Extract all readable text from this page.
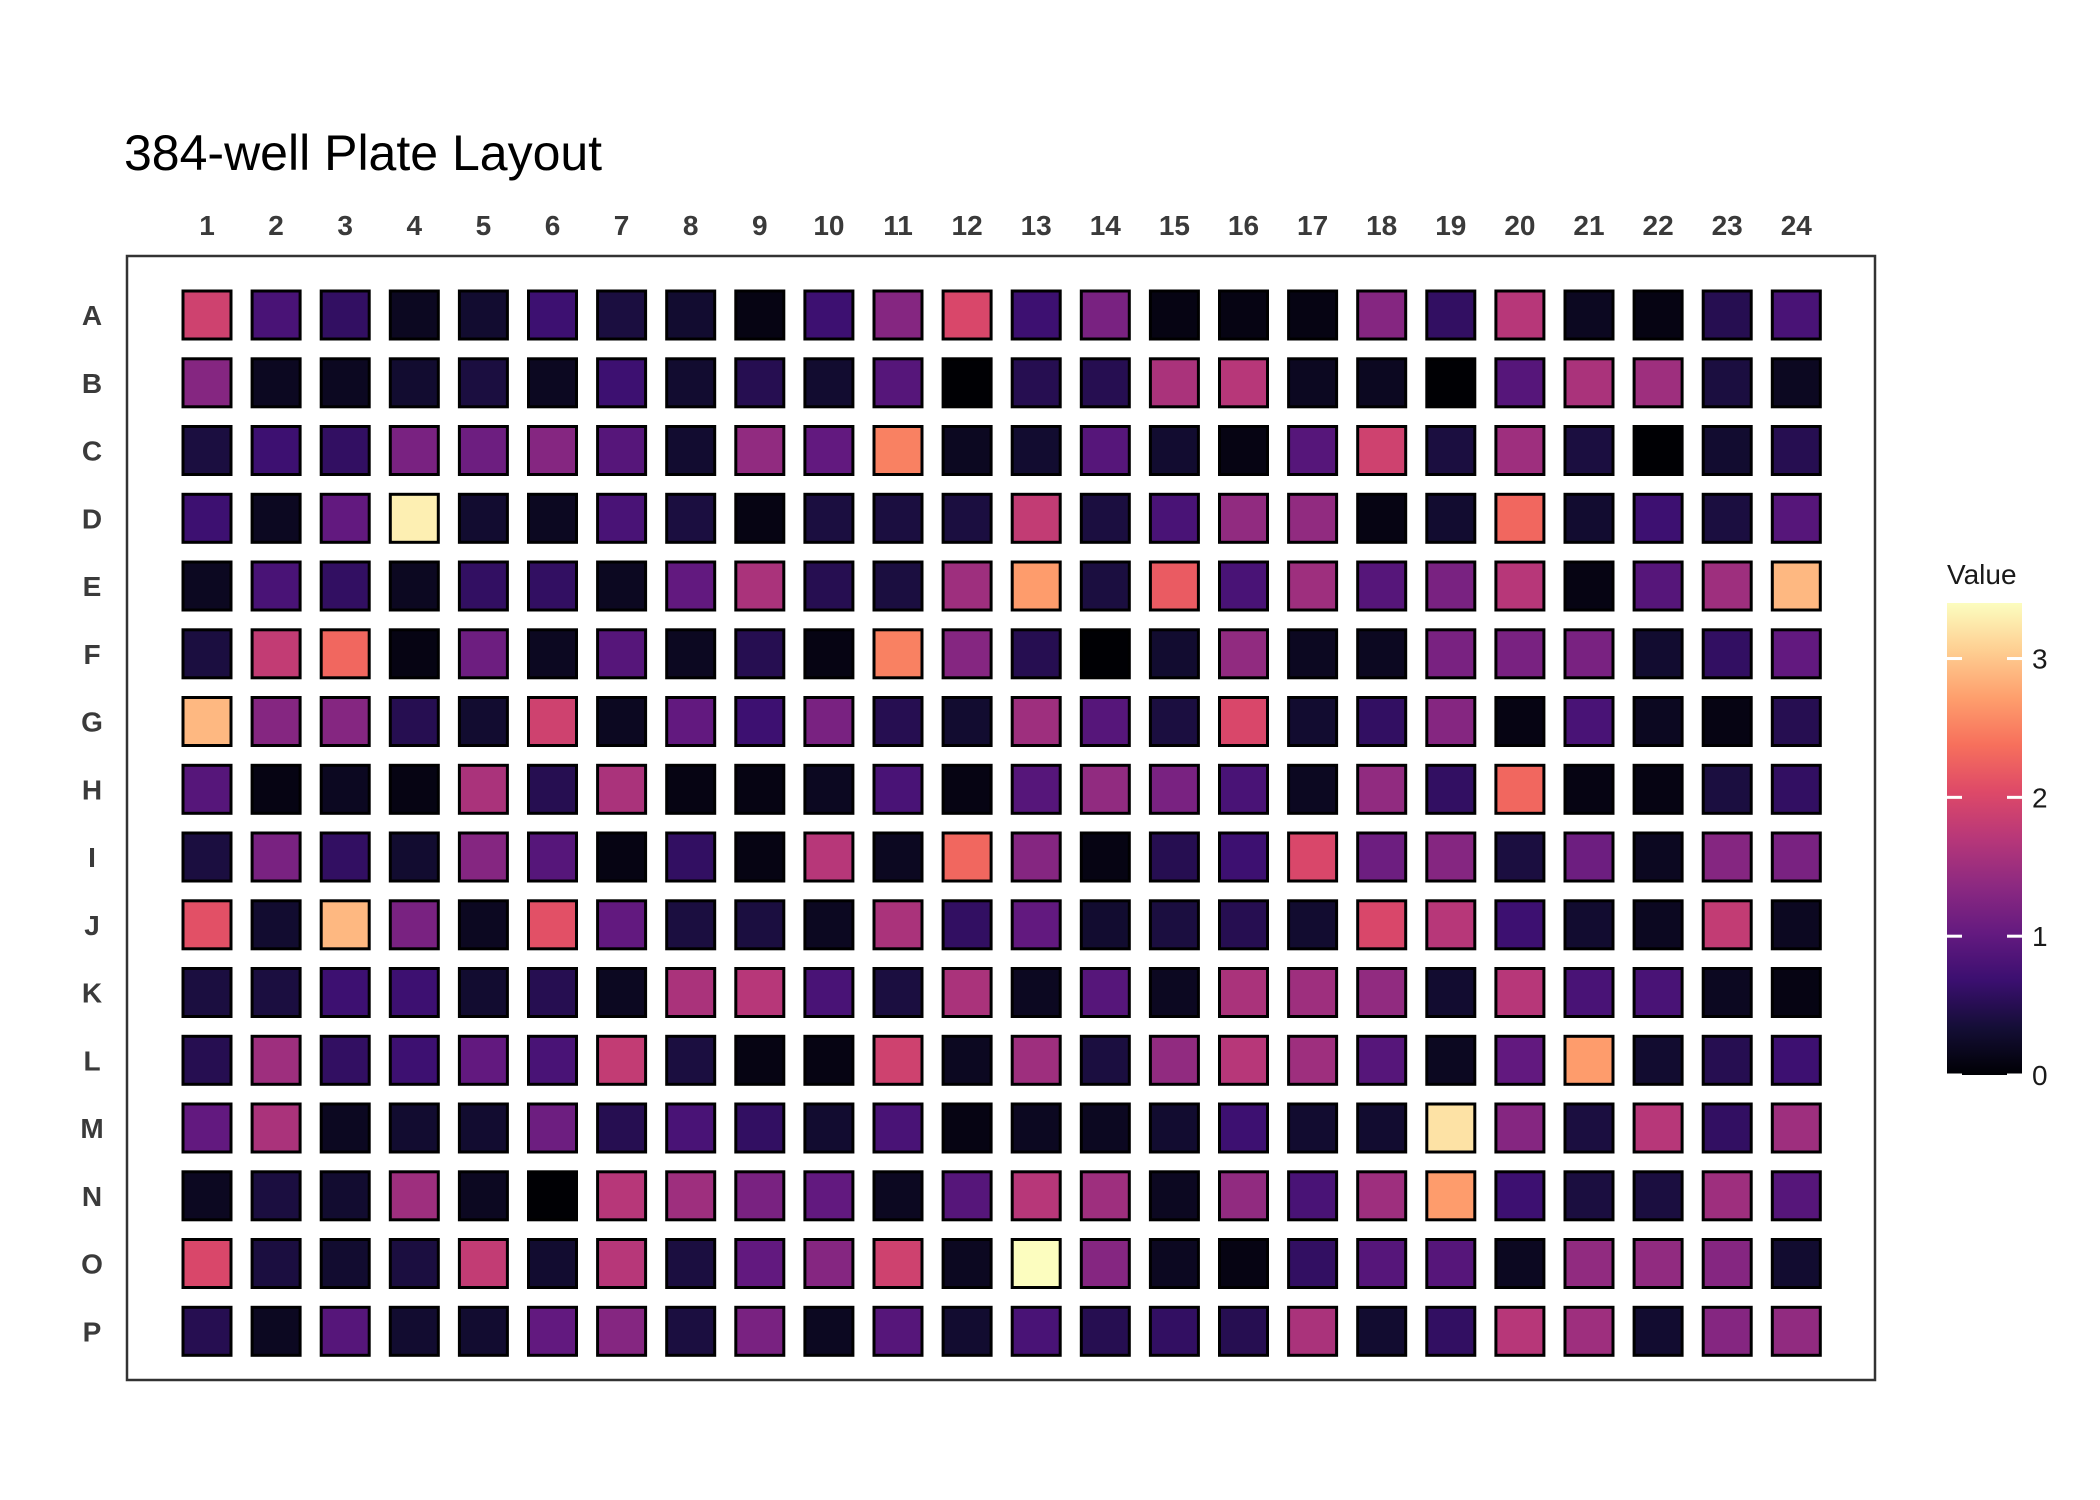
384-well Plate Layout
1 2 3 4 5 6 7 8 9 10 11 12 13 14 15 16 17 18 19 20 21 22 23 24
A
B
C
D
E
F
G
H
I
J
K
L
M
N
O
P
Value
0
1
2
3
